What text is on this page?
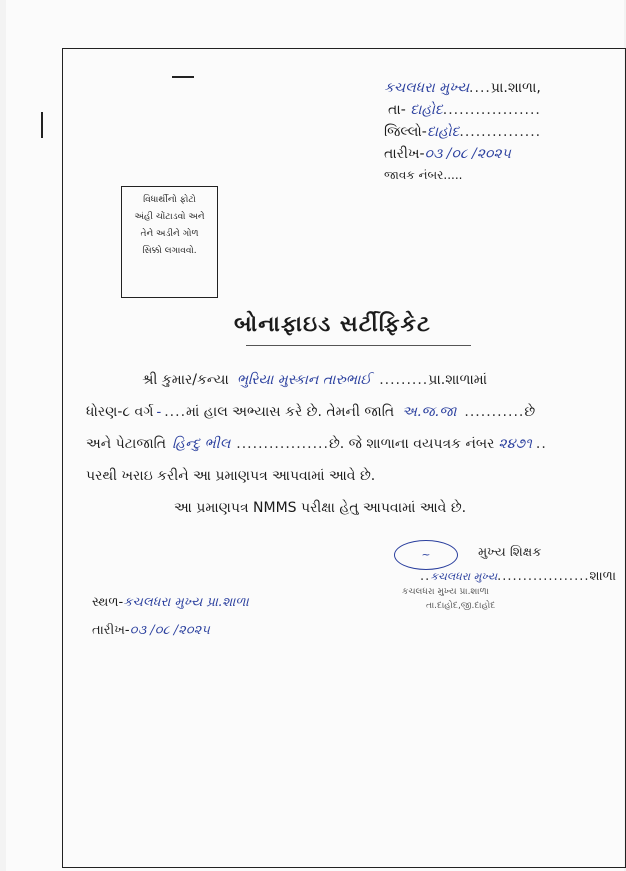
કચલધરા મુખ્ય....પ્રા.શાળા,
તા- દાહોદ..................
જિલ્લો-દાહોદ...............
તારીખ-૦૩ /૦૮ /૨૦૨૫
જાવક નંબર.....
વિધાર્થીનો ફોટો
અંહી ચોંટાડવો અને
તેને અડીને ગોળ
સિક્કો લગાવવો.
બોનાફાઇડ સર્ટીફિકેટ
શ્રી કુમાર/કન્યા ભુરિયા મુસ્કાન તારુભાઈ .........પ્રા.શાળામાં
ધોરણ-૮ વર્ગ - ....માં હાલ અભ્યાસ કરે છે. તેમની જાતિ અ.જ.જા ...........છે
અને પેટાજાતિ હિન્દુ ભીલ .................છે. જે શાળાના વયપત્રક નંબર ૨૪૭૧ ..
પરથી ખરાઇ કરીને આ પ્રમાણપત્ર આપવામાં આવે છે.
આ પ્રમાણપત્ર NMMS પરીક્ષા હેતુ આપવામાં આવે છે.
~	મુખ્ય શિક્ષક
..કચલધરા મુખ્ય..................શાળા
કચલધરા મુખ્ય પ્રા.શાળા
તા.દાહોદ,જી.દાહોદ
સ્થળ-કચલધરા મુખ્ય પ્રા.શાળા
તારીખ-૦૩ /૦૮ /૨૦૨૫
